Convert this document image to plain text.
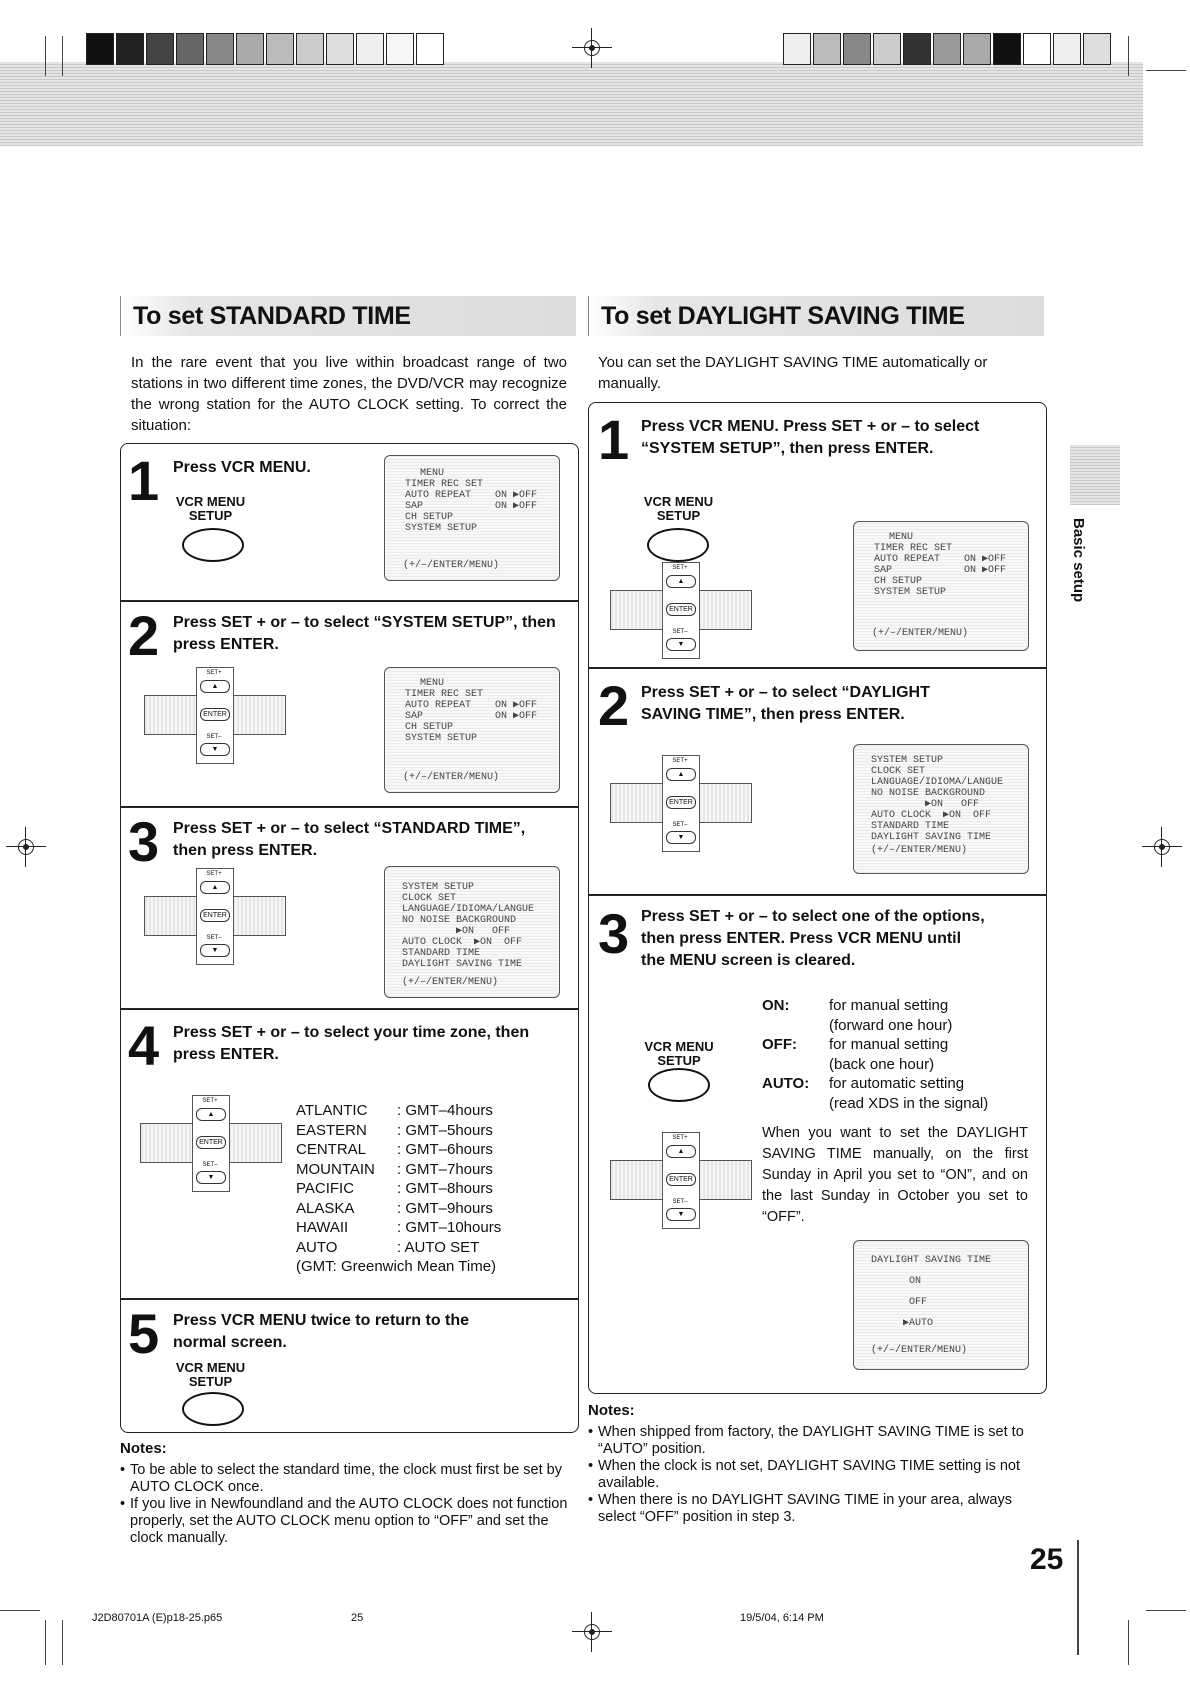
To set STANDARD TIME
In the rare event that you live within broadcast range of two stations in two different time zones, the DVD/VCR may recognize the wrong station for the AUTO CLOCK setting. To correct the situation:
1 Press VCR MENU.
VCR MENU
SETUP
MENU
TIMER REC SET
AUTO REPEAT    ON ▶OFF
SAP            ON ▶OFF
CH SETUP
SYSTEM SETUP
(+/–/ENTER/MENU)
2 Press SET + or – to select “SYSTEM SETUP”, then press ENTER.
SET+
▲
ENTER
SET–
▼
MENU
TIMER REC SET
AUTO REPEAT    ON ▶OFF
SAP            ON ▶OFF
CH SETUP
SYSTEM SETUP
(+/–/ENTER/MENU)
3 Press SET + or – to select “STANDARD TIME”, then press ENTER.
SET+
▲
ENTER
SET–
▼
SYSTEM SETUP
CLOCK SET
LANGUAGE/IDIOMA/LANGUE
NO NOISE BACKGROUND
▶ON   OFF
AUTO CLOCK  ▶ON  OFF
STANDARD TIME
DAYLIGHT SAVING TIME
(+/–/ENTER/MENU)
4 Press SET + or – to select your time zone, then press ENTER.
SET+
▲
ENTER
SET–
▼
ATLANTIC : GMT–4hours
EASTERN : GMT–5hours
CENTRAL : GMT–6hours
MOUNTAIN : GMT–7hours
PACIFIC	: GMT–8hours
ALASKA	: GMT–9hours
HAWAII	: GMT–10hours
AUTO	: AUTO SET
(GMT: Greenwich Mean Time)
5 Press VCR MENU twice to return to the normal screen.
VCR MENU
SETUP
Notes:
• To be able to select the standard time, the clock must first be set by AUTO CLOCK once.
• If you live in Newfoundland and the AUTO CLOCK does not function properly, set the AUTO CLOCK menu option to “OFF” and set the clock manually.
To set DAYLIGHT SAVING TIME
You can set the DAYLIGHT SAVING TIME automatically or manually.
1 Press VCR MENU. Press SET + or – to select “SYSTEM SETUP”, then press ENTER.
VCR MENU
SETUP
SET+
▲
ENTER
SET–
▼
MENU
TIMER REC SET
AUTO REPEAT    ON ▶OFF
SAP            ON ▶OFF
CH SETUP
SYSTEM SETUP
(+/–/ENTER/MENU)
2 Press SET + or – to select “DAYLIGHT SAVING TIME”, then press ENTER.
SET+
▲
ENTER
SET–
▼
SYSTEM SETUP
CLOCK SET
LANGUAGE/IDIOMA/LANGUE
NO NOISE BACKGROUND
▶ON   OFF
AUTO CLOCK  ▶ON  OFF
STANDARD TIME
DAYLIGHT SAVING TIME
(+/–/ENTER/MENU)
3 Press SET + or – to select one of the options, then press ENTER. Press VCR MENU until the MENU screen is cleared.
ON:	for manual setting
(forward one hour)
OFF: for manual setting
(back one hour)
AUTO: for automatic setting
(read XDS in the signal)
VCR MENU
SETUP
When you want to set the DAYLIGHT SAVING TIME manually, on the first Sunday in April you set to “ON”, and on the last Sunday in October you set to “OFF”.
SET+
▲
ENTER
SET–
▼
DAYLIGHT SAVING TIME
ON
OFF
▶AUTO
(+/–/ENTER/MENU)
Notes:
• When shipped from factory, the DAYLIGHT SAVING TIME is set to “AUTO” position.
• When the clock is not set, DAYLIGHT SAVING TIME setting is not available.
• When there is no DAYLIGHT SAVING TIME in your area, always select “OFF” position in step 3.
Basic setup
25
J2D80701A (E)p18-25.p65	25	19/5/04, 6:14 PM
